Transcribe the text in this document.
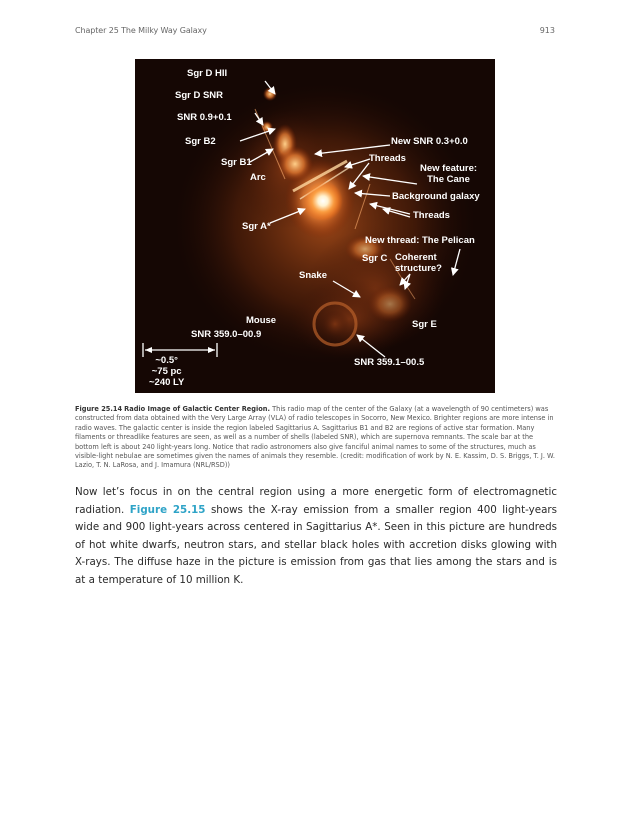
Chapter 25 The Milky Way Galaxy	913
Sgr D HII
Sgr D SNR
SNR 0.9+0.1
Sgr B2
Sgr B1
Arc
Sgr A*
New SNR 0.3+0.0
Threads
New feature:
The Cane
Background galaxy
Threads
New thread: The Pelican
Sgr C Coherent
structure?
Snake
Mouse
SNR 359.0–00.9
Sgr E
SNR 359.1–00.5
~0.5°
~75 pc
~240 LY
Figure 25.14 Radio Image of Galactic Center Region. This radio map of the center of the Galaxy (at a wavelength of 90 centimeters) was constructed from data obtained with the Very Large Array (VLA) of radio telescopes in Socorro, New Mexico. Brighter regions are more intense in radio waves. The galactic center is inside the region labeled Sagittarius A. Sagittarius B1 and B2 are regions of active star formation. Many filaments or threadlike features are seen, as well as a number of shells (labeled SNR), which are supernova remnants. The scale bar at the bottom left is about 240 light-years long. Notice that radio astronomers also give fanciful animal names to some of the structures, much as visible-light nebulae are sometimes given the names of animals they resemble. (credit: modification of work by N. E. Kassim, D. S. Briggs, T. J. W. Lazio, T. N. LaRosa, and J. Imamura (NRL/RSD))
Now let’s focus in on the central region using a more energetic form of electromagnetic radiation. Figure 25.15 shows the X-ray emission from a smaller region 400 light-years wide and 900 light-years across centered in Sagittarius A*. Seen in this picture are hundreds of hot white dwarfs, neutron stars, and stellar black holes with accretion disks glowing with X-rays. The diffuse haze in the picture is emission from gas that lies among the stars and is at a temperature of 10 million K.
